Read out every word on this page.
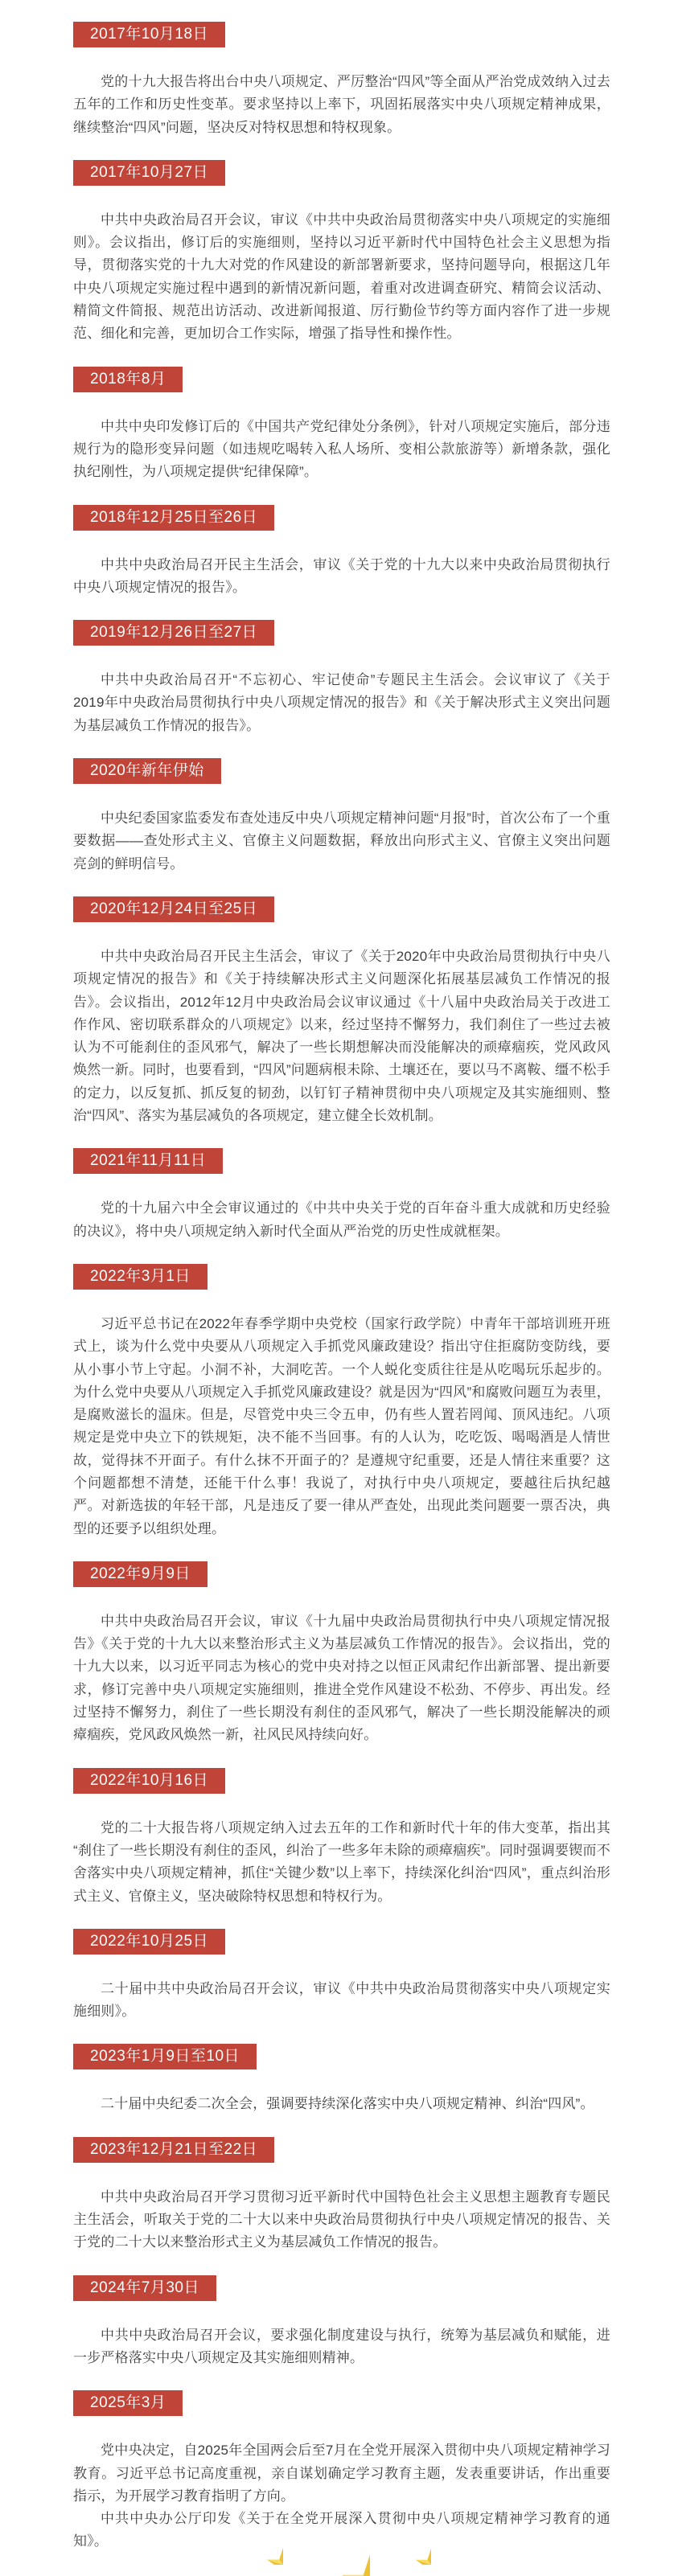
2017年10月18日

党的十九大报告将出台中央八项规定、严厉整治“四风”等全面从严治党成效纳入过去五年的工作和历史性变革。要求坚持以上率下，巩固拓展落实中央八项规定精神成果，继续整治“四风”问题，坚决反对特权思想和特权现象。

2017年10月27日

中共中央政治局召开会议，审议《中共中央政治局贯彻落实中央八项规定的实施细则》。会议指出，修订后的实施细则，坚持以习近平新时代中国特色社会主义思想为指导，贯彻落实党的十九大对党的作风建设的新部署新要求，坚持问题导向，根据这几年中央八项规定实施过程中遇到的新情况新问题，着重对改进调查研究、精简会议活动、精简文件简报、规范出访活动、改进新闻报道、厉行勤俭节约等方面内容作了进一步规范、细化和完善，更加切合工作实际，增强了指导性和操作性。

2018年8月

中共中央印发修订后的《中国共产党纪律处分条例》，针对八项规定实施后，部分违规行为的隐形变异问题（如违规吃喝转入私人场所、变相公款旅游等）新增条款，强化执纪刚性，为八项规定提供“纪律保障”。

2018年12月25日至26日

中共中央政治局召开民主生活会，审议《关于党的十九大以来中央政治局贯彻执行中央八项规定情况的报告》。

2019年12月26日至27日

中共中央政治局召开“不忘初心、牢记使命”专题民主生活会。会议审议了《关于2019年中央政治局贯彻执行中央八项规定情况的报告》和《关于解决形式主义突出问题为基层减负工作情况的报告》。

2020年新年伊始

中央纪委国家监委发布查处违反中央八项规定精神问题“月报”时，首次公布了一个重要数据——查处形式主义、官僚主义问题数据，释放出向形式主义、官僚主义突出问题亮剑的鲜明信号。

2020年12月24日至25日

中共中央政治局召开民主生活会，审议了《关于2020年中央政治局贯彻执行中央八项规定情况的报告》和《关于持续解决形式主义问题深化拓展基层减负工作情况的报告》。会议指出，2012年12月中央政治局会议审议通过《十八届中央政治局关于改进工作作风、密切联系群众的八项规定》以来，经过坚持不懈努力，我们刹住了一些过去被认为不可能刹住的歪风邪气，解决了一些长期想解决而没能解决的顽瘴痼疾，党风政风焕然一新。同时，也要看到，“四风”问题病根未除、土壤还在，要以马不离鞍、缰不松手的定力，以反复抓、抓反复的韧劲，以钉钉子精神贯彻中央八项规定及其实施细则、整治“四风”、落实为基层减负的各项规定，建立健全长效机制。

2021年11月11日

党的十九届六中全会审议通过的《中共中央关于党的百年奋斗重大成就和历史经验的决议》，将中央八项规定纳入新时代全面从严治党的历史性成就框架。

2022年3月1日

习近平总书记在2022年春季学期中央党校（国家行政学院）中青年干部培训班开班式上，谈为什么党中央要从八项规定入手抓党风廉政建设？指出守住拒腐防变防线，要从小事小节上守起。小洞不补，大洞吃苦。一个人蜕化变质往往是从吃喝玩乐起步的。为什么党中央要从八项规定入手抓党风廉政建设？就是因为“四风”和腐败问题互为表里，是腐败滋长的温床。但是，尽管党中央三令五申，仍有些人置若罔闻、顶风违纪。八项规定是党中央立下的铁规矩，决不能不当回事。有的人认为，吃吃饭、喝喝酒是人情世故，觉得抹不开面子。有什么抹不开面子的？是遵规守纪重要，还是人情往来重要？这个问题都想不清楚，还能干什么事！我说了，对执行中央八项规定，要越往后执纪越严。对新选拔的年轻干部，凡是违反了要一律从严查处，出现此类问题要一票否决，典型的还要予以组织处理。

2022年9月9日

中共中央政治局召开会议，审议《十九届中央政治局贯彻执行中央八项规定情况报告》《关于党的十九大以来整治形式主义为基层减负工作情况的报告》。会议指出，党的十九大以来，以习近平同志为核心的党中央对持之以恒正风肃纪作出新部署、提出新要求，修订完善中央八项规定实施细则，推进全党作风建设不松劲、不停步、再出发。经过坚持不懈努力，刹住了一些长期没有刹住的歪风邪气，解决了一些长期没能解决的顽瘴痼疾，党风政风焕然一新，社风民风持续向好。

2022年10月16日

党的二十大报告将八项规定纳入过去五年的工作和新时代十年的伟大变革，指出其“刹住了一些长期没有刹住的歪风，纠治了一些多年未除的顽瘴痼疾”。同时强调要锲而不舍落实中央八项规定精神，抓住“关键少数”以上率下，持续深化纠治“四风”，重点纠治形式主义、官僚主义，坚决破除特权思想和特权行为。

2022年10月25日

二十届中共中央政治局召开会议，审议《中共中央政治局贯彻落实中央八项规定实施细则》。

2023年1月9日至10日

二十届中央纪委二次全会，强调要持续深化落实中央八项规定精神、纠治“四风”。

2023年12月21日至22日

中共中央政治局召开学习贯彻习近平新时代中国特色社会主义思想主题教育专题民主生活会，听取关于党的二十大以来中央政治局贯彻执行中央八项规定情况的报告、关于党的二十大以来整治形式主义为基层减负工作情况的报告。

2024年7月30日

中共中央政治局召开会议，要求强化制度建设与执行，统筹为基层减负和赋能，进一步严格落实中央八项规定及其实施细则精神。

2025年3月

党中央决定，自2025年全国两会后至7月在全党开展深入贯彻中央八项规定精神学习教育。习近平总书记高度重视，亲自谋划确定学习教育主题，发表重要讲话，作出重要指示，为开展学习教育指明了方向。

中共中央办公厅印发《关于在全党开展深入贯彻中央八项规定精神学习教育的通知》。
